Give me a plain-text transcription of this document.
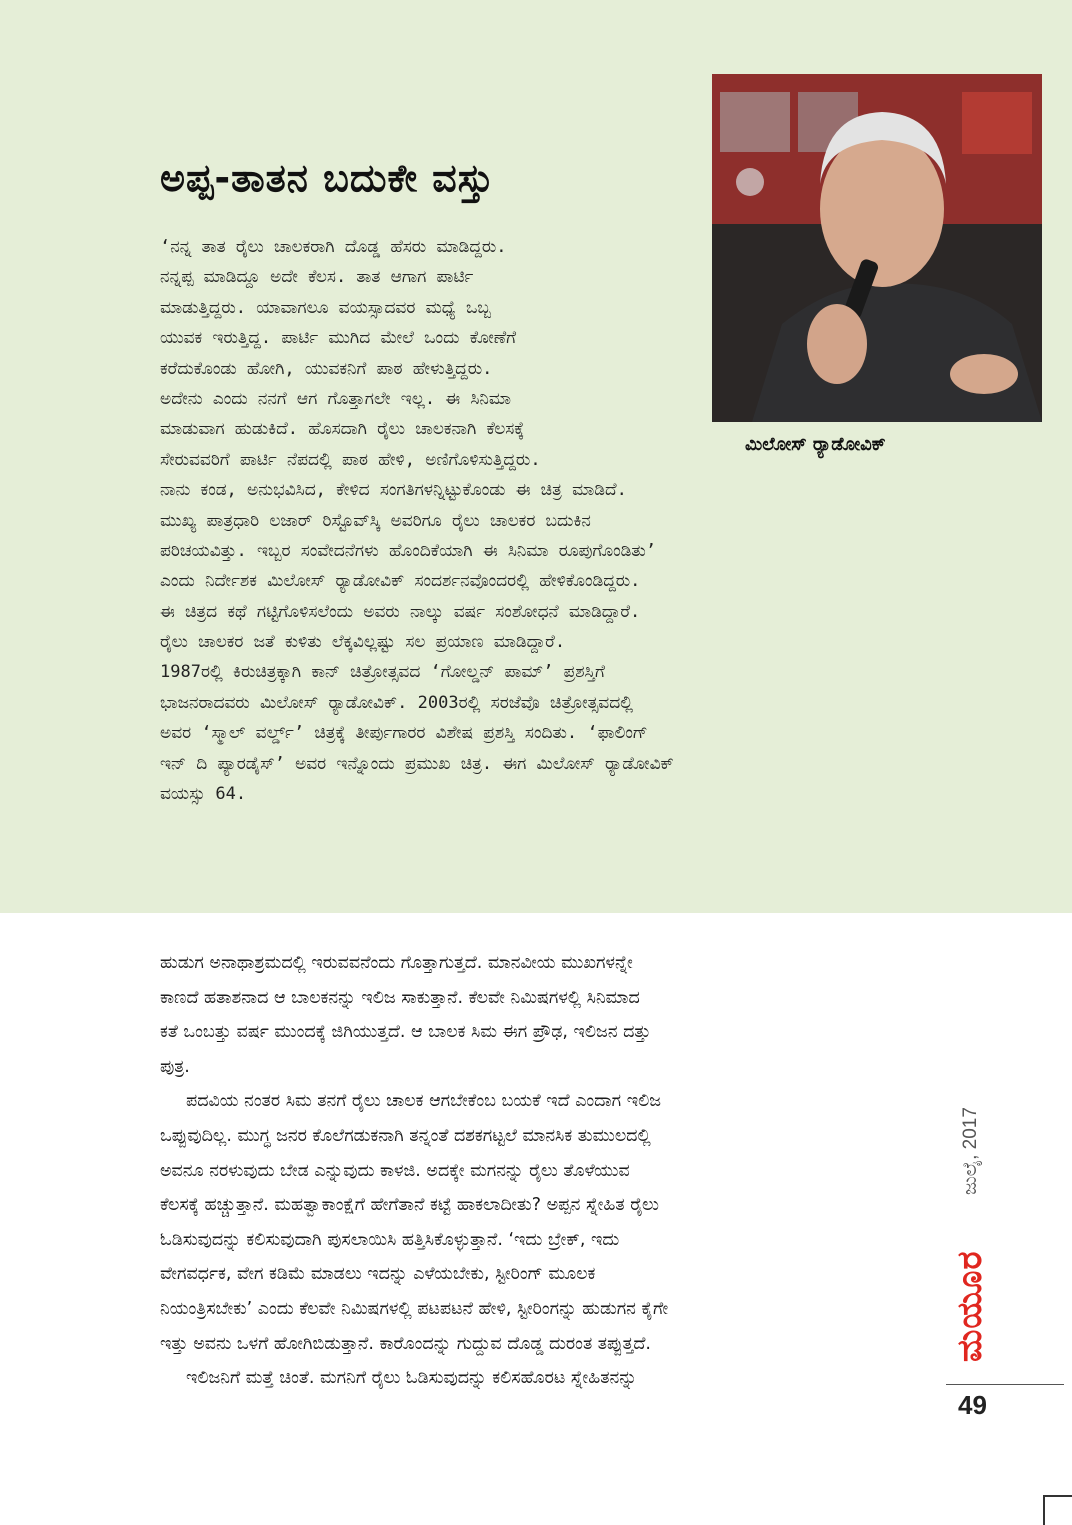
ಅಪ್ಪ-ತಾತನ ಬದುಕೇ ವಸ್ತು
ಮಿಲೋಸ್ ರ್‍ಯಾಡೋವಿಕ್
‘ನನ್ನ ತಾತ ರೈಲು ಚಾಲಕರಾಗಿ ದೊಡ್ಡ ಹೆಸರು ಮಾಡಿದ್ದರು.
ನನ್ನಪ್ಪ ಮಾಡಿದ್ದೂ ಅದೇ ಕೆಲಸ. ತಾತ ಆಗಾಗ ಪಾರ್ಟಿ
ಮಾಡುತ್ತಿದ್ದರು. ಯಾವಾಗಲೂ ವಯಸ್ಸಾದವರ ಮಧ್ಯೆ ಒಬ್ಬ
ಯುವಕ ಇರುತ್ತಿದ್ದ. ಪಾರ್ಟಿ ಮುಗಿದ ಮೇಲೆ ಒಂದು ಕೋಣೆಗೆ
ಕರೆದುಕೊಂಡು ಹೋಗಿ, ಯುವಕನಿಗೆ ಪಾಠ ಹೇಳುತ್ತಿದ್ದರು.
ಅದೇನು ಎಂದು ನನಗೆ ಆಗ ಗೊತ್ತಾಗಲೇ ಇಲ್ಲ. ಈ ಸಿನಿಮಾ
ಮಾಡುವಾಗ ಹುಡುಕಿದೆ. ಹೊಸದಾಗಿ ರೈಲು ಚಾಲಕನಾಗಿ ಕೆಲಸಕ್ಕೆ
ಸೇರುವವರಿಗೆ ಪಾರ್ಟಿ ನೆಪದಲ್ಲಿ ಪಾಠ ಹೇಳಿ, ಅಣಿಗೊಳಿಸುತ್ತಿದ್ದರು.
ನಾನು ಕಂಡ, ಅನುಭವಿಸಿದ, ಕೇಳಿದ ಸಂಗತಿಗಳನ್ನಿಟ್ಟುಕೊಂಡು ಈ ಚಿತ್ರ ಮಾಡಿದೆ.
ಮುಖ್ಯ ಪಾತ್ರಧಾರಿ ಲಜಾರ್ ರಿಸ್ಟೊವ್‌ಸ್ಕಿ ಅವರಿಗೂ ರೈಲು ಚಾಲಕರ ಬದುಕಿನ
ಪರಿಚಯವಿತ್ತು. ಇಬ್ಬರ ಸಂವೇದನೆಗಳು ಹೊಂದಿಕೆಯಾಗಿ ಈ ಸಿನಿಮಾ ರೂಪುಗೊಂಡಿತು’
ಎಂದು ನಿರ್ದೇಶಕ ಮಿಲೋಸ್ ರ್‍ಯಾಡೋವಿಕ್ ಸಂದರ್ಶನವೊಂದರಲ್ಲಿ ಹೇಳಿಕೊಂಡಿದ್ದರು.
ಈ ಚಿತ್ರದ ಕಥೆ ಗಟ್ಟಿಗೊಳಿಸಲೆಂದು ಅವರು ನಾಲ್ಕು ವರ್ಷ ಸಂಶೋಧನೆ ಮಾಡಿದ್ದಾರೆ.
ರೈಲು ಚಾಲಕರ ಜತೆ ಕುಳಿತು ಲೆಕ್ಕವಿಲ್ಲಷ್ಟು ಸಲ ಪ್ರಯಾಣ ಮಾಡಿದ್ದಾರೆ.
1987ರಲ್ಲಿ ಕಿರುಚಿತ್ರಕ್ಕಾಗಿ ಕಾನ್ ಚಿತ್ರೋತ್ಸವದ ‘ಗೋಲ್ಡನ್ ಪಾಮ್’ ಪ್ರಶಸ್ತಿಗೆ
ಭಾಜನರಾದವರು ಮಿಲೋಸ್ ರ್‍ಯಾಡೋವಿಕ್. 2003ರಲ್ಲಿ ಸರಜೆವೊ ಚಿತ್ರೋತ್ಸವದಲ್ಲಿ
ಅವರ ‘ಸ್ಮಾಲ್ ವರ್ಲ್ಡ್’ ಚಿತ್ರಕ್ಕೆ ತೀರ್ಪುಗಾರರ ವಿಶೇಷ ಪ್ರಶಸ್ತಿ ಸಂದಿತು. ‘ಫಾಲಿಂಗ್
ಇನ್ ದಿ ಪ್ಯಾರಡೈಸ್’ ಅವರ ಇನ್ನೊಂದು ಪ್ರಮುಖ ಚಿತ್ರ. ಈಗ ಮಿಲೋಸ್ ರ್‍ಯಾಡೋವಿಕ್
ವಯಸ್ಸು 64.
ಹುಡುಗ ಅನಾಥಾಶ್ರಮದಲ್ಲಿ ಇರುವವನೆಂದು ಗೊತ್ತಾಗುತ್ತದೆ. ಮಾನವೀಯ ಮುಖಗಳನ್ನೇ
ಕಾಣದೆ ಹತಾಶನಾದ ಆ ಬಾಲಕನನ್ನು ಇಲಿಜ ಸಾಕುತ್ತಾನೆ. ಕೆಲವೇ ನಿಮಿಷಗಳಲ್ಲಿ ಸಿನಿಮಾದ
ಕತೆ ಒಂಬತ್ತು ವರ್ಷ ಮುಂದಕ್ಕೆ ಜಿಗಿಯುತ್ತದೆ. ಆ ಬಾಲಕ ಸಿಮ ಈಗ ಪ್ರೌಢ, ಇಲಿಜನ ದತ್ತು
ಪುತ್ರ.
ಪದವಿಯ ನಂತರ ಸಿಮ ತನಗೆ ರೈಲು ಚಾಲಕ ಆಗಬೇಕೆಂಬ ಬಯಕೆ ಇದೆ ಎಂದಾಗ ಇಲಿಜ
ಒಪ್ಪುವುದಿಲ್ಲ. ಮುಗ್ಧ ಜನರ ಕೊಲೆಗಡುಕನಾಗಿ ತನ್ನಂತೆ ದಶಕಗಟ್ಟಲೆ ಮಾನಸಿಕ ತುಮುಲದಲ್ಲಿ
ಅವನೂ ನರಳುವುದು ಬೇಡ ಎನ್ನುವುದು ಕಾಳಜಿ. ಅದಕ್ಕೇ ಮಗನನ್ನು ರೈಲು ತೊಳೆಯುವ
ಕೆಲಸಕ್ಕೆ ಹಚ್ಚುತ್ತಾನೆ. ಮಹತ್ವಾಕಾಂಕ್ಷೆಗೆ ಹೇಗೆತಾನೆ ಕಟ್ಟೆ ಹಾಕಲಾದೀತು? ಅಪ್ಪನ ಸ್ನೇಹಿತ ರೈಲು
ಓಡಿಸುವುದನ್ನು ಕಲಿಸುವುದಾಗಿ ಪುಸಲಾಯಿಸಿ ಹತ್ತಿಸಿಕೊಳ್ಳುತ್ತಾನೆ. ‘ಇದು ಬ್ರೇಕ್, ಇದು
ವೇಗವರ್ಧಕ, ವೇಗ ಕಡಿಮೆ ಮಾಡಲು ಇದನ್ನು ಎಳೆಯಬೇಕು, ಸ್ಟೀರಿಂಗ್ ಮೂಲಕ
ನಿಯಂತ್ರಿಸಬೇಕು’ ಎಂದು ಕೆಲವೇ ನಿಮಿಷಗಳಲ್ಲಿ ಪಟಪಟನೆ ಹೇಳಿ, ಸ್ಟೀರಿಂಗನ್ನು ಹುಡುಗನ ಕೈಗೇ
ಇತ್ತು ಅವನು ಒಳಗೆ ಹೋಗಿಬಿಡುತ್ತಾನೆ. ಕಾರೊಂದನ್ನು ಗುದ್ದುವ ದೊಡ್ಡ ದುರಂತ ತಪ್ಪುತ್ತದೆ.
ಇಲಿಜನಿಗೆ ಮತ್ತೆ ಚಿಂತೆ. ಮಗನಿಗೆ ರೈಲು ಓಡಿಸುವುದನ್ನು ಕಲಿಸಹೊರಟ ಸ್ನೇಹಿತನನ್ನು
ಜುಲೈ, 2017
ಮಯೂರ
49
